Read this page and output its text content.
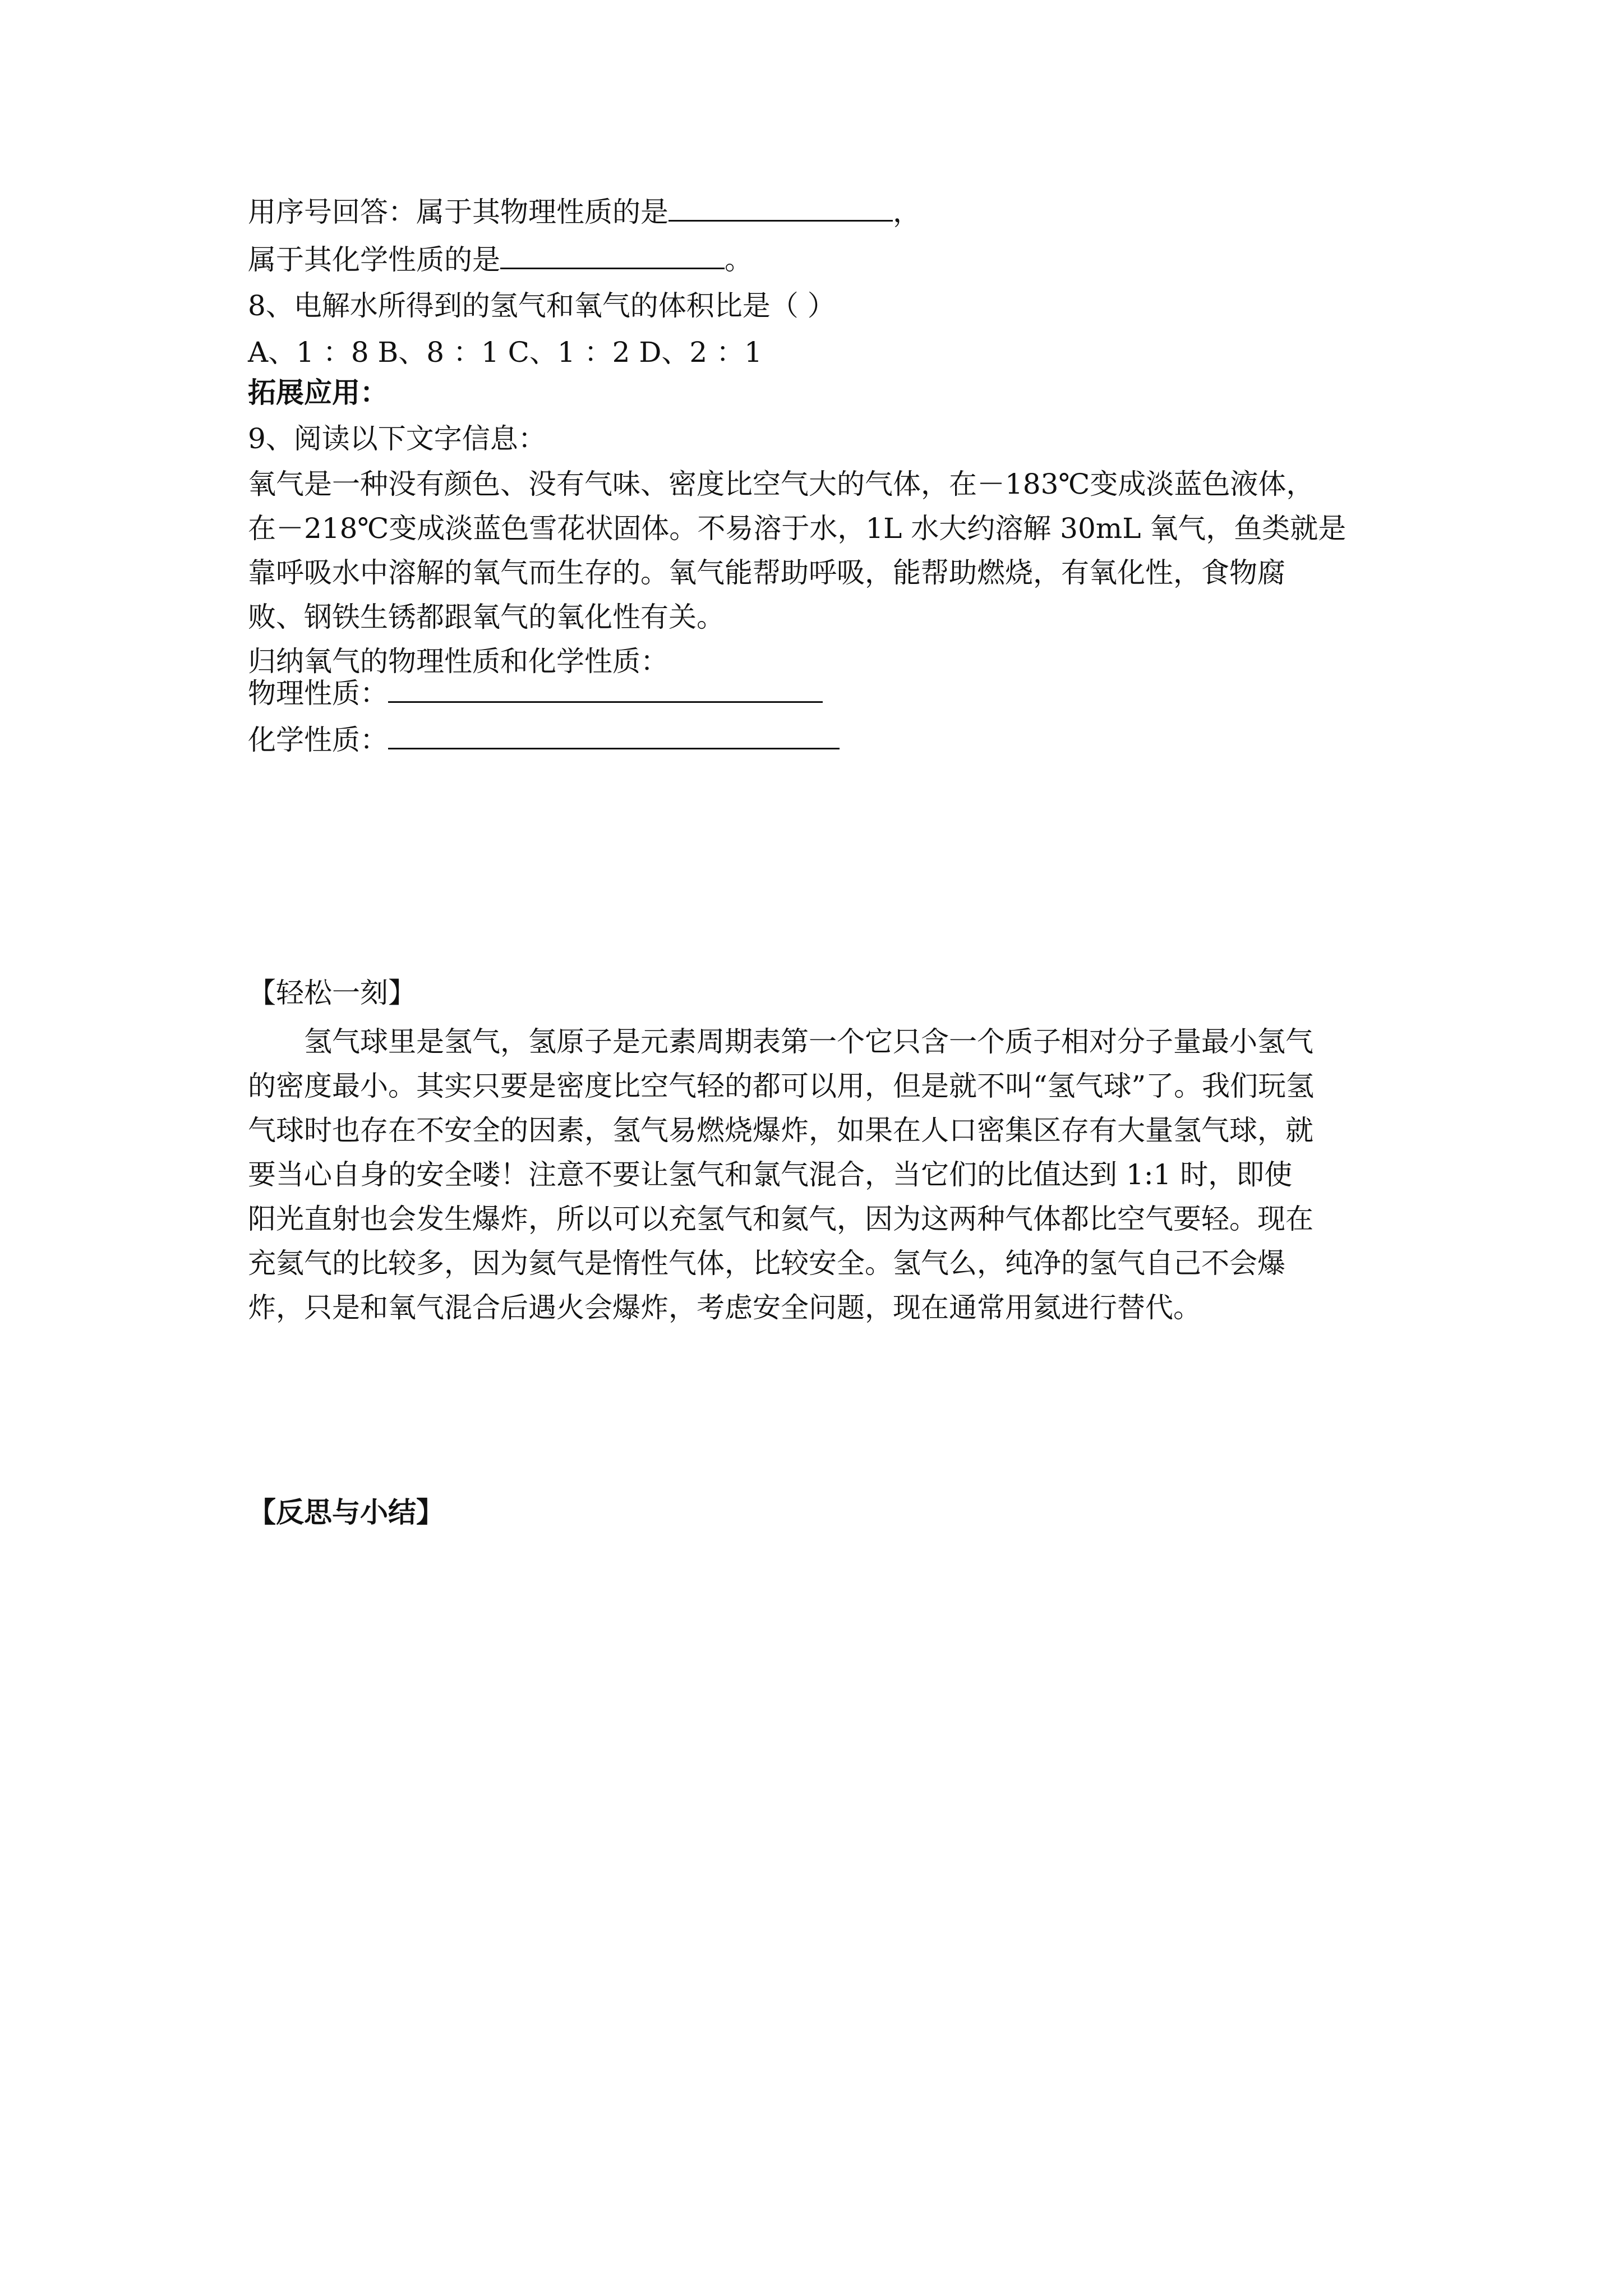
用序号回答：属于其物理性质的是	，
属于其化学性质的是	。
8、电解水所得到的氢气和氧气的体积比是（ ）
A、1 ：8 B、8 ：1 C、1 ：2 D、2 ：1
拓展应用：
9、阅读以下文字信息：
氧气是一种没有颜色、没有气味、密度比空气大的气体，在－183℃变成淡蓝色液体，
在－218℃变成淡蓝色雪花状固体。不易溶于水，1L 水大约溶解 30mL 氧气，鱼类就是
靠呼吸水中溶解的氧气而生存的。氧气能帮助呼吸，能帮助燃烧，有氧化性，食物腐
败、钢铁生锈都跟氧气的氧化性有关。
归纳氧气的物理性质和化学性质：
物理性质：
化学性质：
【轻松一刻】
氢气球里是氢气，氢原子是元素周期表第一个它只含一个质子相对分子量最小氢气的密度最小。其实只要是密度比空气轻的都可以用，但是就不叫“氢气球”了。我们玩氢气球时也存在不安全的因素，氢气易燃烧爆炸，如果在人口密集区存有大量氢气球，就要当心自身的安全喽！注意不要让氢气和氯气混合，当它们的比值达到 1:1 时，即使阳光直射也会发生爆炸，所以可以充氢气和氦气，因为这两种气体都比空气要轻。现在充氦气的比较多，因为氦气是惰性气体，比较安全。氢气么，纯净的氢气自己不会爆炸，只是和氧气混合后遇火会爆炸，考虑安全问题，现在通常用氦进行替代。
【反思与小结】
